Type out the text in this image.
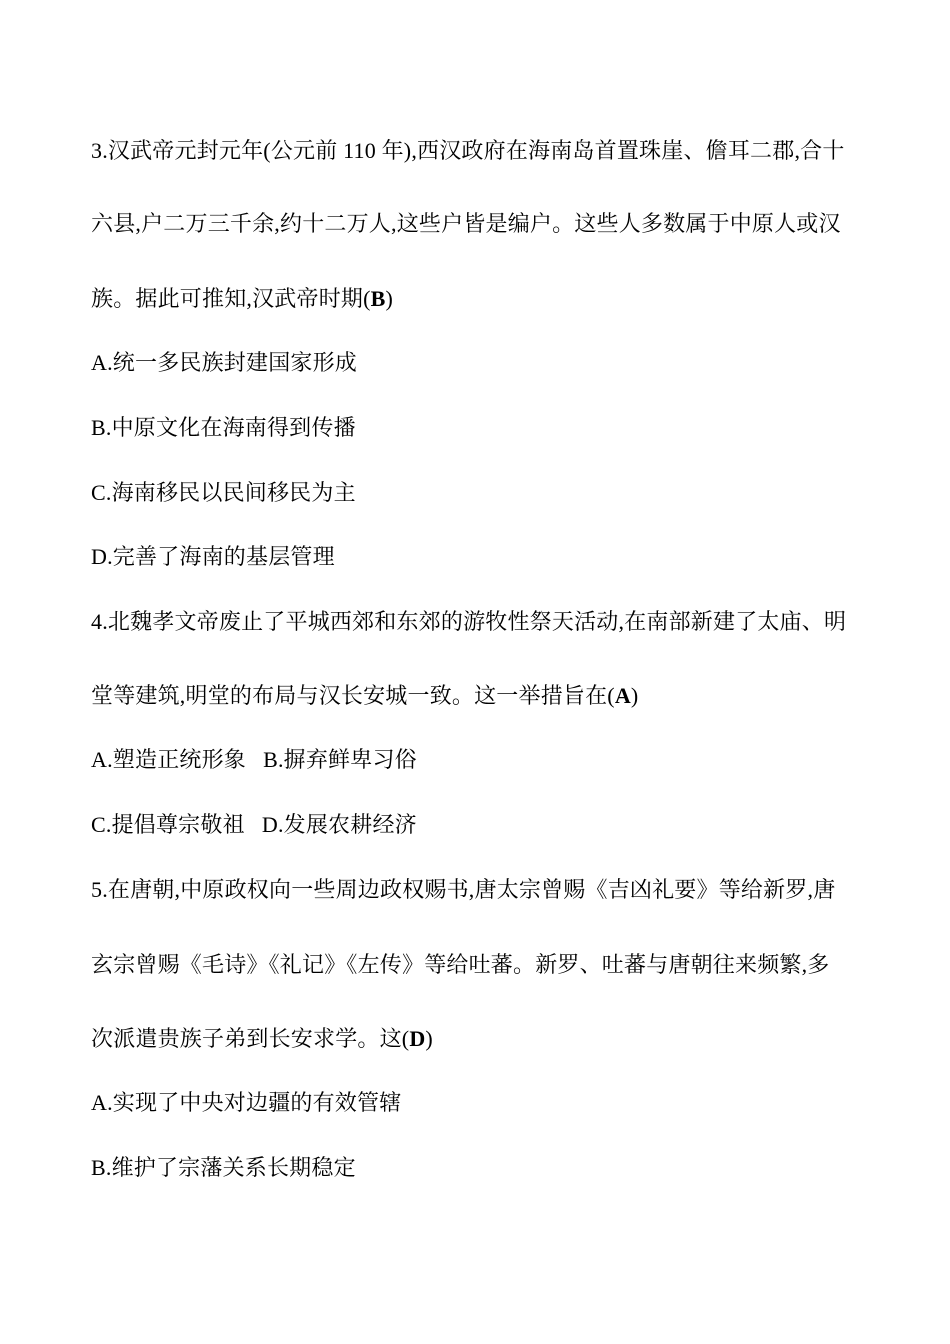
3.汉武帝元封元年(公元前 110 年),西汉政府在海南岛首置珠崖、儋耳二郡,合十
六县,户二万三千余,约十二万人,这些户皆是编户。这些人多数属于中原人或汉
族。据此可推知,汉武帝时期(B)
A.统一多民族封建国家形成
B.中原文化在海南得到传播
C.海南移民以民间移民为主
D.完善了海南的基层管理
4.北魏孝文帝废止了平城西郊和东郊的游牧性祭天活动,在南部新建了太庙、明
堂等建筑,明堂的布局与汉长安城一致。这一举措旨在(A)
A.塑造正统形象   B.摒弃鲜卑习俗
C.提倡尊宗敬祖   D.发展农耕经济
5.在唐朝,中原政权向一些周边政权赐书,唐太宗曾赐《吉凶礼要》等给新罗,唐
玄宗曾赐《毛诗》《礼记》《左传》等给吐蕃。新罗、吐蕃与唐朝往来频繁,多
次派遣贵族子弟到长安求学。这(D)
A.实现了中央对边疆的有效管辖
B.维护了宗藩关系长期稳定
